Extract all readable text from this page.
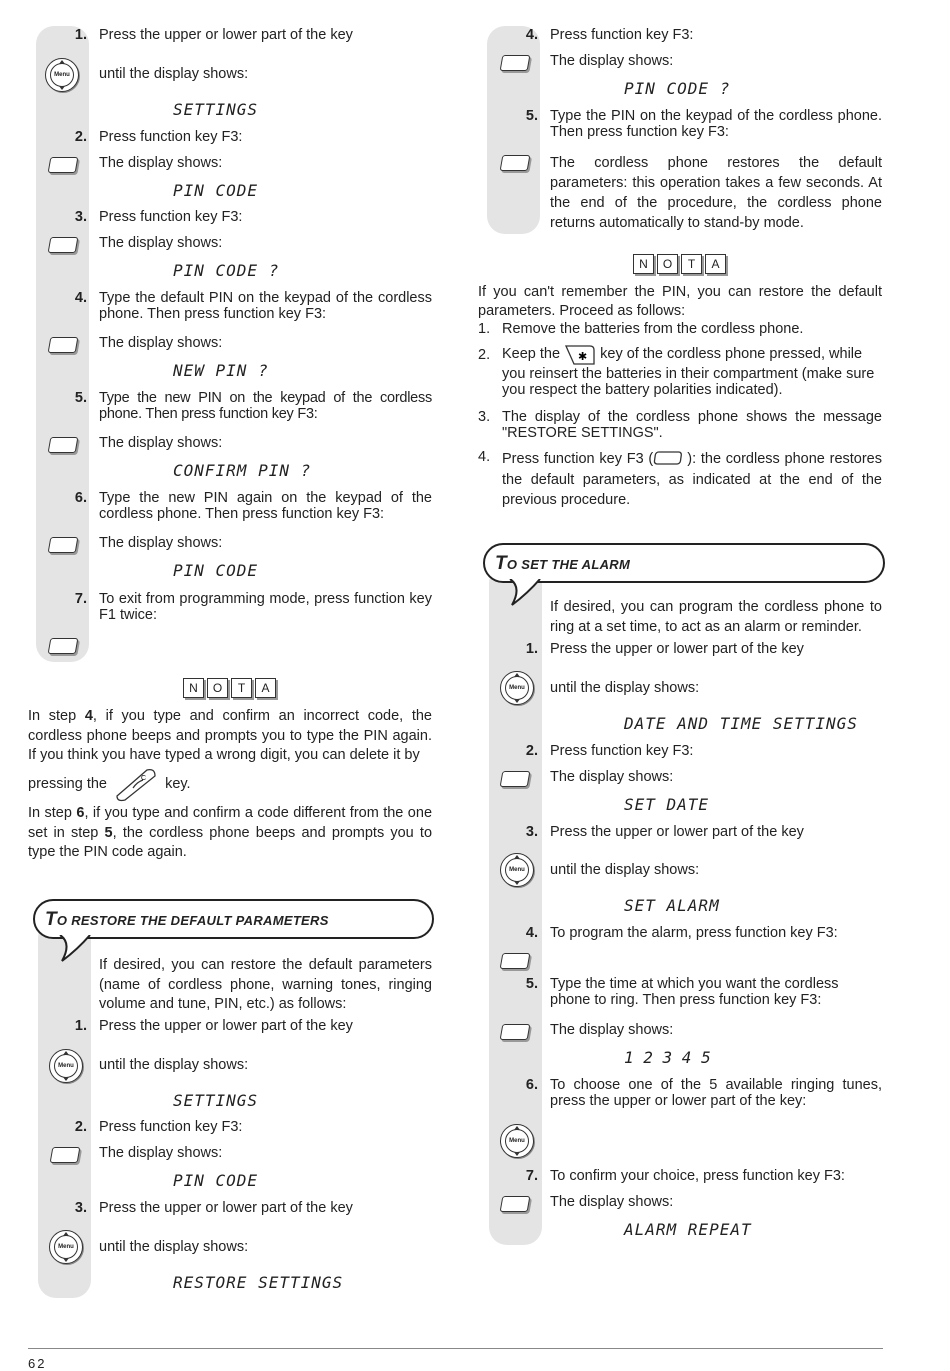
1. Press the upper or lower part of the key
Menu until the display shows:
SETTINGS
2. Press function key F3:
The display shows:
PIN CODE
3. Press function key F3:
The display shows:
PIN CODE ?
4. Type the default PIN on the keypad of the cordless phone. Then press function key F3:
The display shows:
NEW PIN ?
5. Type the new PIN on the keypad of the cordless phone. Then press function key F3:
The display shows:
CONFIRM PIN ?
6. Type the new PIN again on the keypad of the cordless phone. Then press function key F3:
The display shows:
PIN CODE
7. To exit from programming mode, press function key F1 twice:
N	O	T	A
In step 4, if you type and confirm an incorrect code, the cordless phone beeps and prompts you to type the PIN again. If you think you have typed a wrong digit, you can delete it by
pressing the	C key.
In step 6, if you type and confirm a code different from the one set in step 5, the cordless phone beeps and prompts you to type the PIN code again.
TO RESTORE THE DEFAULT PARAMETERS
If desired, you can restore the default parameters (name of cordless phone, warning tones, ringing volume and tune, PIN, etc.) as follows:
1. Press the upper or lower part of the key
Menu until the display shows:
SETTINGS
2. Press function key F3:
The display shows:
PIN CODE
3. Press the upper or lower part of the key
Menu until the display shows:
RESTORE SETTINGS
4. Press function key F3:
The display shows:
PIN CODE ?
5. Type the PIN on the keypad of the cordless phone. Then press function key F3:
The cordless phone restores the default parameters: this operation takes a few seconds. At the end of the procedure, the cordless phone returns automatically to stand-by mode.
N	O	T	A
If you can't remember the PIN, you can restore the default parameters. Proceed as follows:
1. Remove the batteries from the cordless phone.
2. Keep the ✱ key of the cordless phone pressed, while you reinsert the batteries in their compartment (make sure you respect the battery polarities indicated).
3. The display of the cordless phone shows the message "RESTORE SETTINGS".
4. Press function key F3 ( ): the cordless phone restores the default parameters, as indicated at the end of the previous procedure.
TO SET THE ALARM
If desired, you can program the cordless phone to ring at a set time, to act as an alarm or reminder.
1. Press the upper or lower part of the key
Menu until the display shows:
DATE AND TIME SETTINGS
2. Press function key F3:
The display shows:
SET DATE
3. Press the upper or lower part of the key
Menu until the display shows:
SET ALARM
4. To program the alarm, press function key F3:
5. Type the time at which you want the cordless phone to ring. Then press function key F3:
The display shows:
1 2 3 4 5
6. To choose one of the 5 available ringing tunes, press the upper or lower part of the key:
Menu
7. To confirm your choice, press function key F3:
The display shows:
ALARM REPEAT
62
